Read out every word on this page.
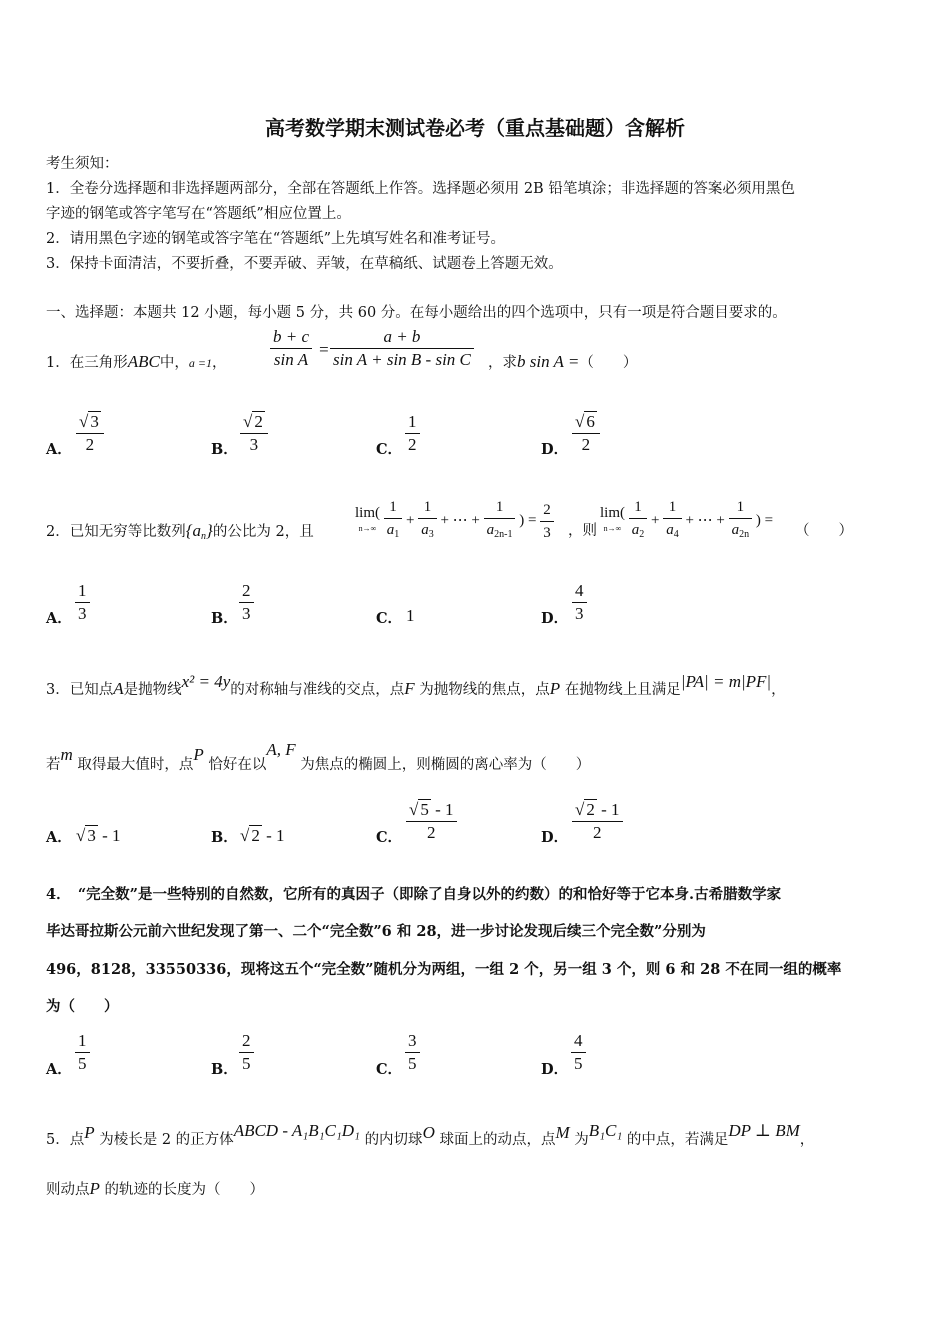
高考数学期末测试卷必考（重点基础题）含解析
考生须知：
1．全卷分选择题和非选择题两部分，全部在答题纸上作答。选择题必须用 2B 铅笔填涂；非选择题的答案必须用黑色
字迹的钢笔或答字笔写在“答题纸”相应位置上。
2．请用黑色字迹的钢笔或答字笔在“答题纸”上先填写姓名和准考证号。
3．保持卡面清洁，不要折叠，不要弄破、弄皱，在草稿纸、试题卷上答题无效。
一、选择题：本题共 12 小题，每小题 5 分，共 60 分。在每小题给出的四个选项中，只有一项是符合题目要求的。
1．在三角形ABC中，a =1，	$\frac{b + c}{\text{sin A}} = \frac{a + b}{\text{sin A + sin B - sin C}}$ ，求b sin A =（　　）
A． $\frac{√ 3}{2}$	B． $\frac{√ 2}{3}$	C． $\frac{1}{2}$	D． $\frac{√ 6}{2}$
2．已知无穷等比数列$\{a_n\}$的公比为 2，且
lim(
$n\to\infty \frac{1}{a_1} + \frac{1}{a_3}$ + ⋯ + $\frac{1}{a_{2n-1}}$ ) = $\frac{2}{3}$ ，则
lim(
$n\to\infty \frac{1}{a_2} + \frac{1}{a_4}$ + ⋯ + $\frac{1}{a_{2n}}$ ) =
（　　）
A． $\frac{1}{3}$	B． $\frac{2}{3}$	C． 1	D． $\frac{4}{3}$
3．已知点A是抛物线x² = 4y的对称轴与准线的交点，点F 为抛物线的焦点，点P 在抛物线上且满足|PA| = m|PF|，
若m 取得最大值时，点P 恰好在以A, F 为焦点的椭圆上，则椭圆的离心率为（　　）
A． √ 3 - 1	B． √ 2 - 1	C． $\frac{√ 5 - 1}{2}$	D． $\frac{√ 2 - 1}{2}$
4．　“完全数”是一些特别的自然数，它所有的真因子（即除了自身以外的约数）的和恰好等于它本身.古希腊数学家
毕达哥拉斯公元前六世纪发现了第一、二个“完全数”6 和 28，进一步讨论发现后续三个完全数”分别为
496，8128，33550336，现将这五个“完全数”随机分为两组，一组 2 个，另一组 3 个，则 6 和 28 不在同一组的概率
为（　　）
A． $\frac{1}{5}$	B． $\frac{2}{5}$	C． $\frac{3}{5}$	D． $\frac{4}{5}$
5．点P 为棱长是 2 的正方体ABCD - A₁B₁C₁D₁ 的内切球O 球面上的动点，点M 为B₁C₁ 的中点，若满足DP ⊥ BM，
则动点P 的轨迹的长度为（　　）
